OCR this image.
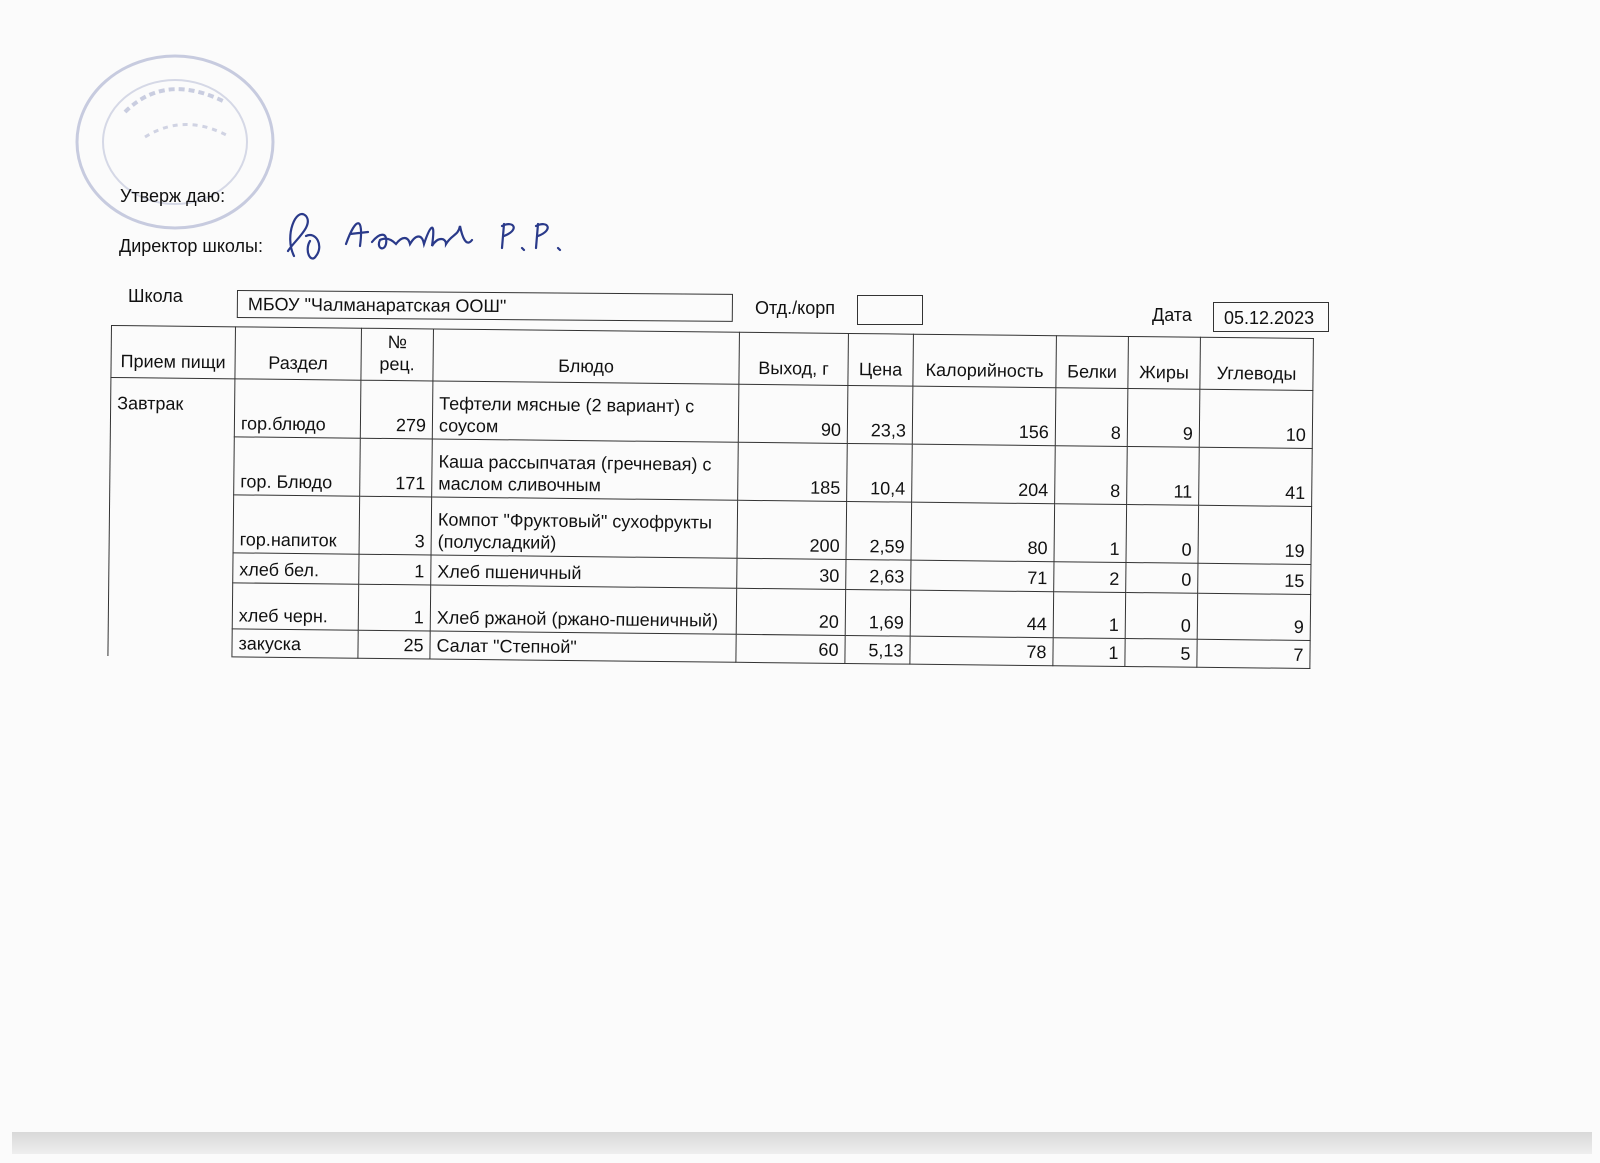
Утверж даю:
Директор школы:
Школа	МБОУ "Чалманаратская ООШ"	Отд./корп	Дата	05.12.2023
Прием пищи	Раздел	№ рец.	Блюдо	Выход, г	Цена	Калорийность	Белки	Жиры	Углеводы
Завтрак	гор.блюдо	279	Тефтели мясные (2 вариант) с соусом	90	23,3	156	8	9	10
	гор. Блюдо	171	Каша рассыпчатая (гречневая) с маслом сливочным	185	10,4	204	8	11	41
	гор.напиток	3	Компот "Фруктовый" сухофрукты (полусладкий)	200	2,59	80	1	0	19
	хлеб бел.	1	Хлеб пшеничный	30	2,63	71	2	0	15
	хлеб черн.	1	Хлеб ржаной (ржано-пшеничный)	20	1,69	44	1	0	9
	закуска	25	Салат "Степной"	60	5,13	78	1	5	7
